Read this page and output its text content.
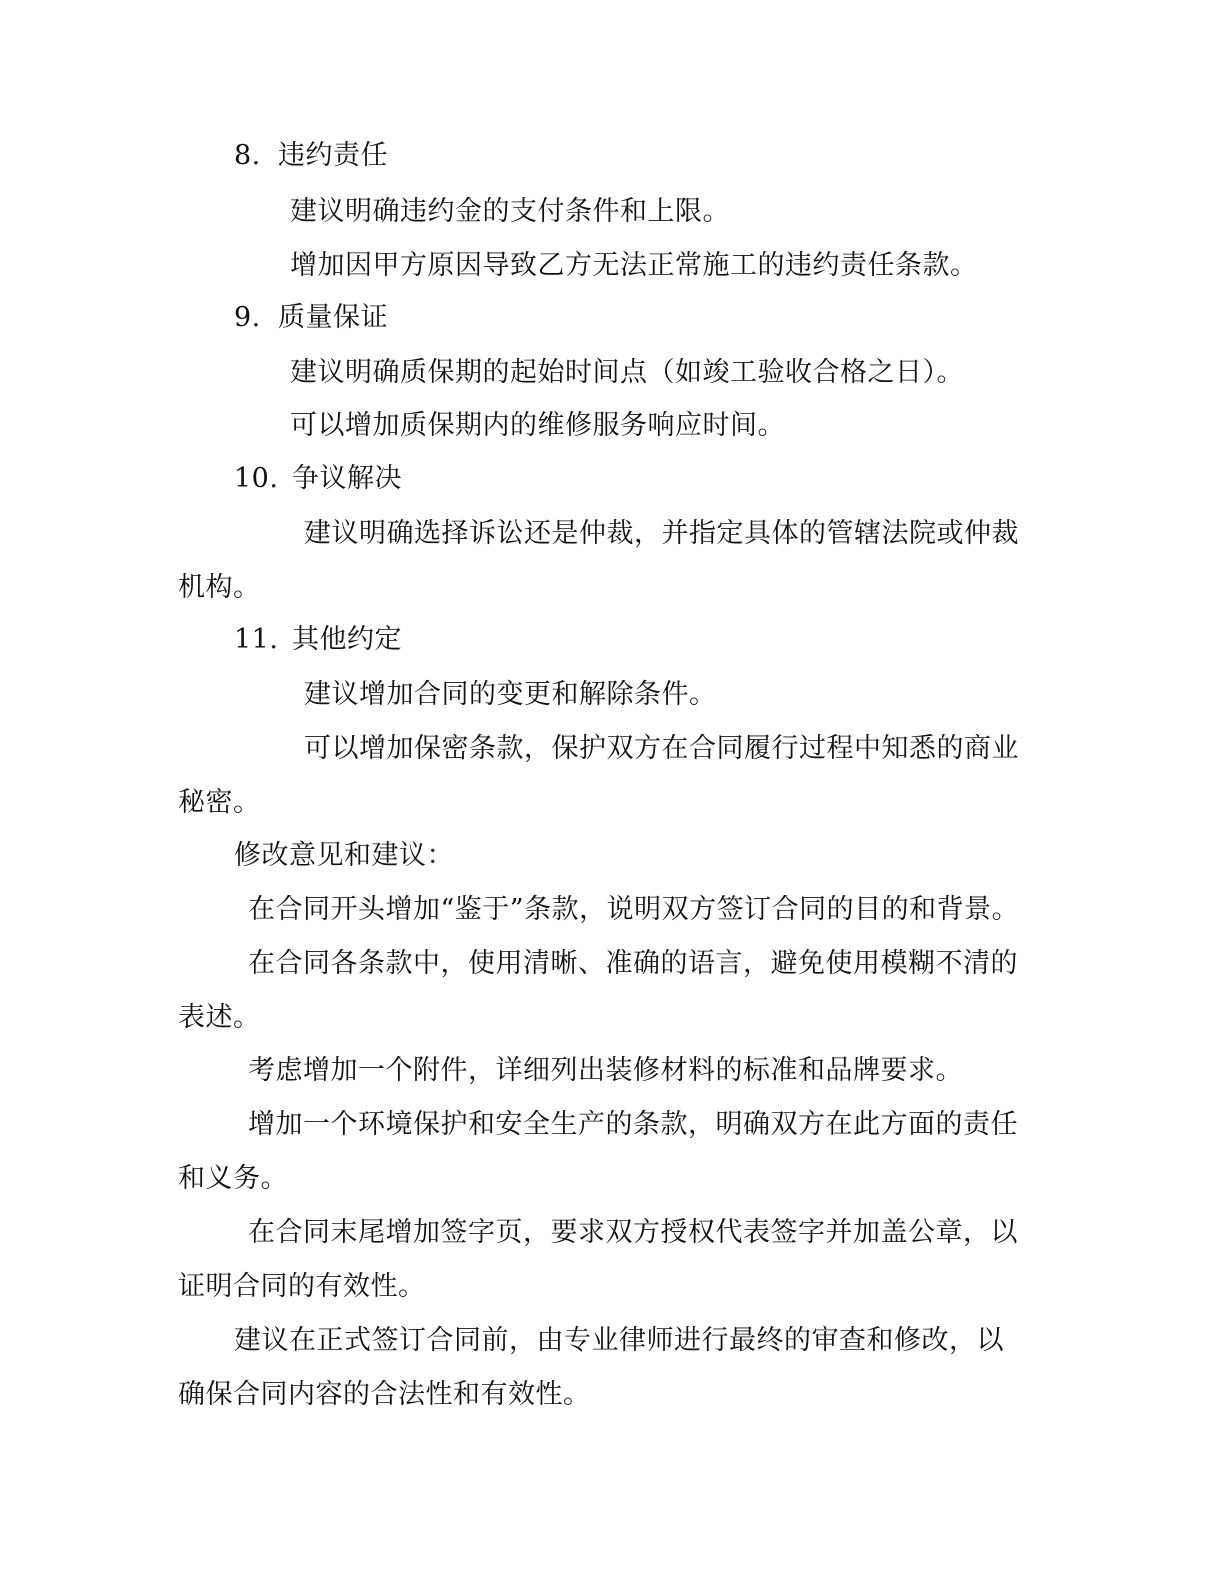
8. 违约责任
建议明确违约金的支付条件和上限。
增加因甲方原因导致乙方无法正常施工的违约责任条款。
9. 质量保证
建议明确质保期的起始时间点（如竣工验收合格之日）。
可以增加质保期内的维修服务响应时间。
10. 争议解决
建议明确选择诉讼还是仲裁，并指定具体的管辖法院或仲裁
机构。
11. 其他约定
建议增加合同的变更和解除条件。
可以增加保密条款，保护双方在合同履行过程中知悉的商业
秘密。
修改意见和建议：
在合同开头增加“鉴于”条款，说明双方签订合同的目的和背景。
在合同各条款中，使用清晰、准确的语言，避免使用模糊不清的
表述。
考虑增加一个附件，详细列出装修材料的标准和品牌要求。
增加一个环境保护和安全生产的条款，明确双方在此方面的责任
和义务。
在合同末尾增加签字页，要求双方授权代表签字并加盖公章，以
证明合同的有效性。
建议在正式签订合同前，由专业律师进行最终的审查和修改，以
确保合同内容的合法性和有效性。
